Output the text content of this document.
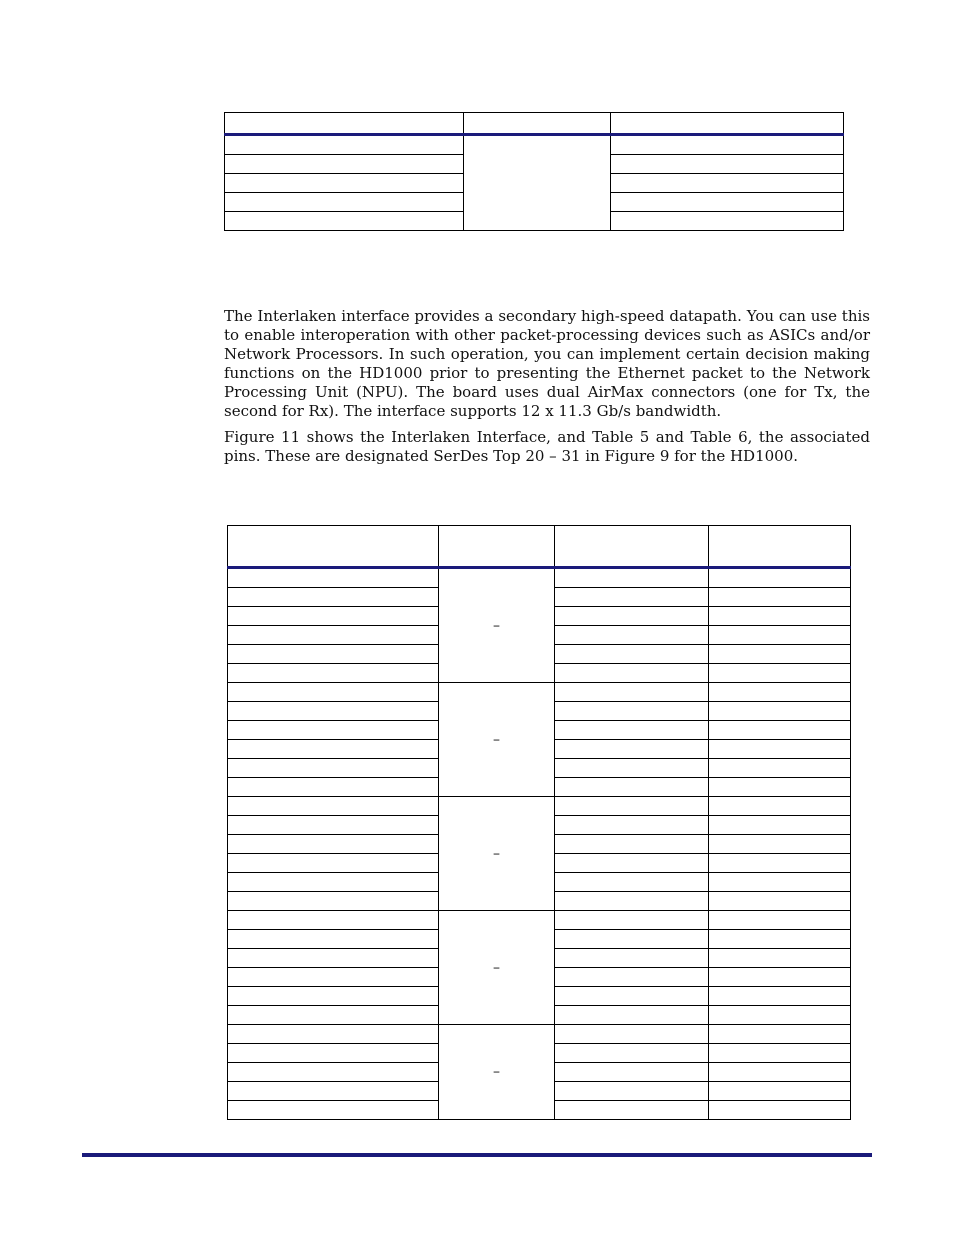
The Interlaken interface provides a secondary high-speed datapath. You can use this to enable interoperation with other packet-processing devices such as ASICs and/or Network Processors. In such operation, you can implement certain decision making functions on the HD1000 prior to presenting the Ethernet packet to the Network Processing Unit (NPU). The board uses dual AirMax connectors (one for Tx, the second for Rx). The interface supports 12 x 11.3 Gb/s bandwidth.

Figure 11 shows the Interlaken Interface, and Table 5 and Table 6, the associated pins. These are designated SerDes Top 20 – 31 in Figure 9 for the HD1000.

	–		

	–		

	–		

	–		

	–		
